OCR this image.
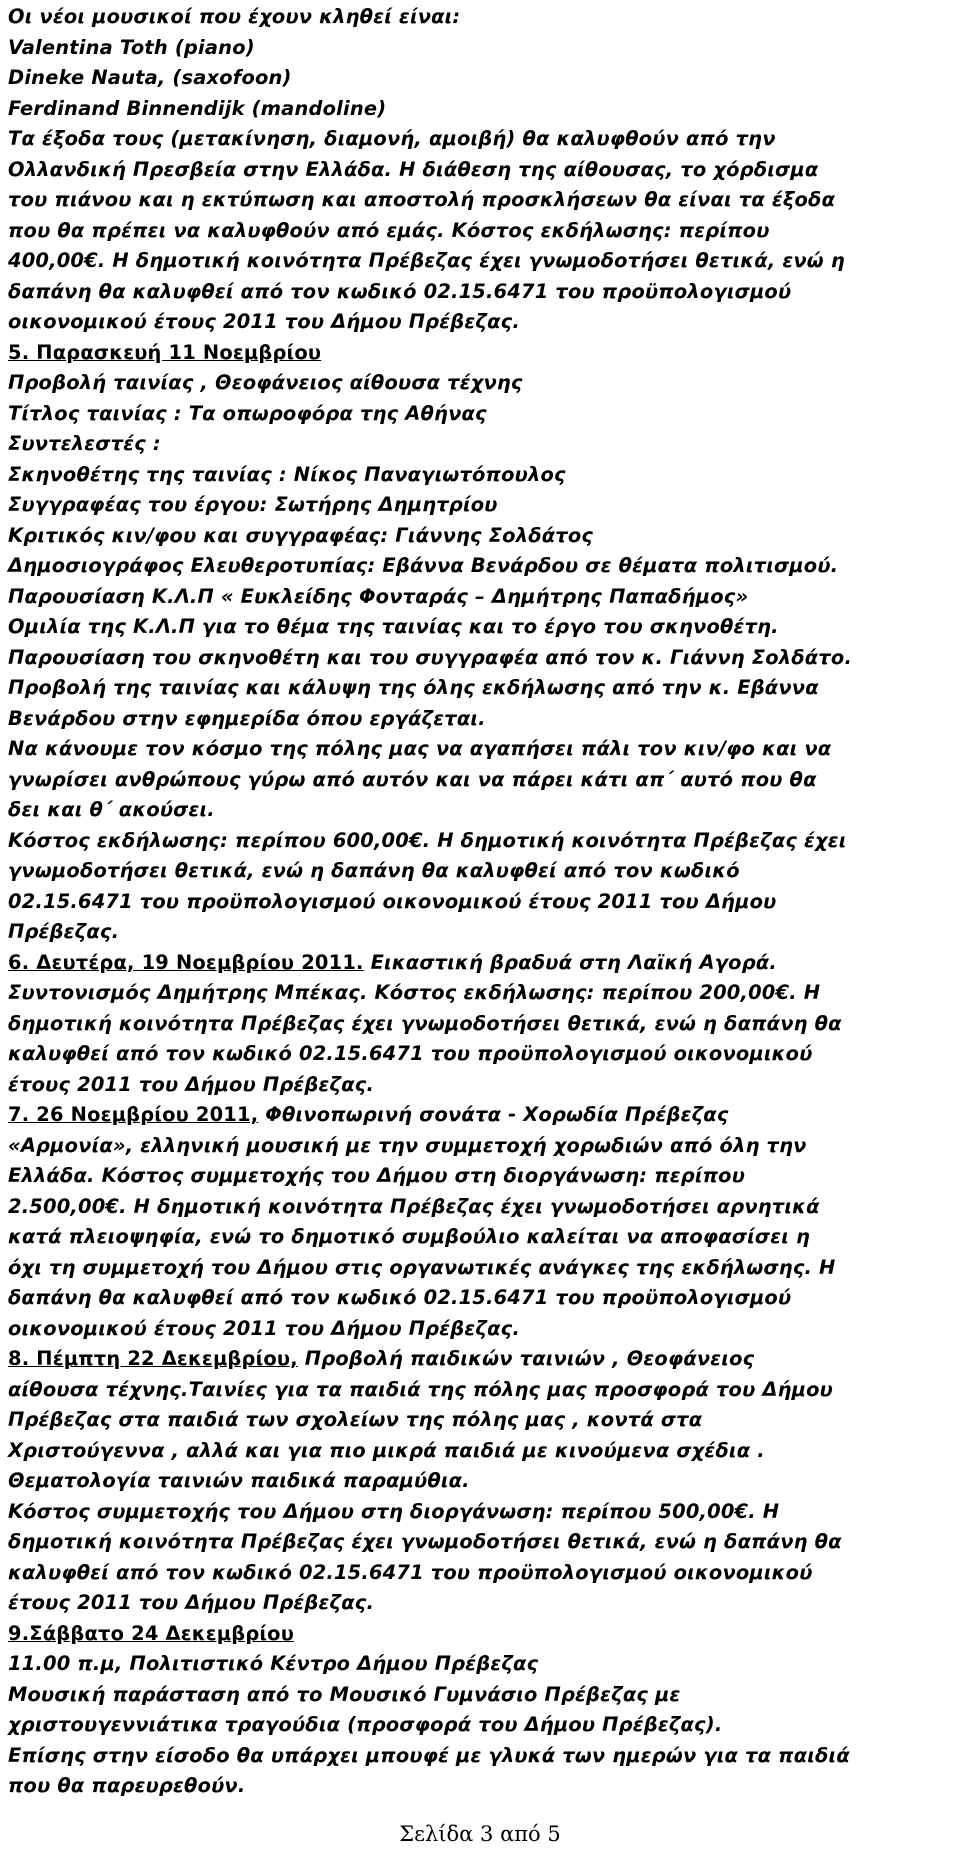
Οι νέοι μουσικοί που έχουν κληθεί είναι:
Valentina Toth (piano)
Dineke Nauta, (saxofoon)
Ferdinand Binnendijk (mandoline)
Τα έξοδα τους (μετακίνηση, διαμονή, αμοιβή) θα καλυφθούν από την
Ολλανδική Πρεσβεία στην Ελλάδα. Η διάθεση της αίθουσας, το χόρδισμα
του πιάνου και η εκτύπωση και αποστολή προσκλήσεων θα είναι τα έξοδα
που θα πρέπει να καλυφθούν από εμάς. Κόστος εκδήλωσης: περίπου
400,00€. Η δημοτική κοινότητα Πρέβεζας έχει γνωμοδοτήσει θετικά, ενώ η
δαπάνη θα καλυφθεί από τον κωδικό 02.15.6471 του προϋπολογισμού
οικονομικού έτους 2011 του Δήμου Πρέβεζας.
5. Παρασκευή 11 Νοεμβρίου
Προβολή ταινίας , Θεοφάνειος αίθουσα τέχνης
Τίτλος ταινίας : Τα οπωροφόρα της Αθήνας
Συντελεστές :
Σκηνοθέτης της ταινίας : Νίκος Παναγιωτόπουλος
Συγγραφέας του έργου: Σωτήρης Δημητρίου
Κριτικός κιν/φου και συγγραφέας: Γιάννης Σολδάτος
Δημοσιογράφος Ελευθεροτυπίας: Εβάννα Βενάρδου σε θέματα πολιτισμού.
Παρουσίαση Κ.Λ.Π « Ευκλείδης Φονταράς – Δημήτρης Παπαδήμος»
Ομιλία της Κ.Λ.Π για το θέμα της ταινίας και το έργο του σκηνοθέτη.
Παρουσίαση του σκηνοθέτη και του συγγραφέα από τον κ. Γιάννη Σολδάτο.
Προβολή της ταινίας και κάλυψη της όλης εκδήλωσης από την κ. Εβάννα
Βενάρδου στην εφημερίδα όπου εργάζεται.
Να κάνουμε τον κόσμο της πόλης μας να αγαπήσει πάλι τον κιν/φο και να
γνωρίσει ανθρώπους γύρω από αυτόν και να πάρει κάτι απ΄ αυτό που θα
δει και θ΄ ακούσει.
Κόστος εκδήλωσης: περίπου 600,00€. Η δημοτική κοινότητα Πρέβεζας έχει
γνωμοδοτήσει θετικά, ενώ η δαπάνη θα καλυφθεί από τον κωδικό
02.15.6471 του προϋπολογισμού οικονομικού έτους 2011 του Δήμου
Πρέβεζας.
6. Δευτέρα, 19 Νοεμβρίου 2011. Εικαστική βραδυά στη Λαϊκή Αγορά.
Συντονισμός Δημήτρης Μπέκας. Κόστος εκδήλωσης: περίπου 200,00€. Η
δημοτική κοινότητα Πρέβεζας έχει γνωμοδοτήσει θετικά, ενώ η δαπάνη θα
καλυφθεί από τον κωδικό 02.15.6471 του προϋπολογισμού οικονομικού
έτους 2011 του Δήμου Πρέβεζας.
7. 26 Νοεμβρίου 2011, Φθινοπωρινή σονάτα - Χορωδία Πρέβεζας
«Αρμονία», ελληνική μουσική με την συμμετοχή χορωδιών από όλη την
Ελλάδα. Κόστος συμμετοχής του Δήμου στη διοργάνωση: περίπου
2.500,00€. Η δημοτική κοινότητα Πρέβεζας έχει γνωμοδοτήσει αρνητικά
κατά πλειοψηφία, ενώ το δημοτικό συμβούλιο καλείται να αποφασίσει η
όχι τη συμμετοχή του Δήμου στις οργανωτικές ανάγκες της εκδήλωσης. Η
δαπάνη θα καλυφθεί από τον κωδικό 02.15.6471 του προϋπολογισμού
οικονομικού έτους 2011 του Δήμου Πρέβεζας.
8. Πέμπτη 22 Δεκεμβρίου, Προβολή παιδικών ταινιών , Θεοφάνειος
αίθουσα τέχνης.Ταινίες για τα παιδιά της πόλης μας προσφορά του Δήμου
Πρέβεζας στα παιδιά των σχολείων της πόλης μας , κοντά στα
Χριστούγεννα , αλλά και για πιο μικρά παιδιά με κινούμενα σχέδια .
Θεματολογία ταινιών παιδικά παραμύθια.
Κόστος συμμετοχής του Δήμου στη διοργάνωση: περίπου 500,00€. Η
δημοτική κοινότητα Πρέβεζας έχει γνωμοδοτήσει θετικά, ενώ η δαπάνη θα
καλυφθεί από τον κωδικό 02.15.6471 του προϋπολογισμού οικονομικού
έτους 2011 του Δήμου Πρέβεζας.
9.Σάββατο 24 Δεκεμβρίου
11.00 π.μ, Πολιτιστικό Κέντρο Δήμου Πρέβεζας
Μουσική παράσταση από το Μουσικό Γυμνάσιο Πρέβεζας με
χριστουγεννιάτικα τραγούδια (προσφορά του Δήμου Πρέβεζας).
Επίσης στην είσοδο θα υπάρχει μπουφέ με γλυκά των ημερών για τα παιδιά
που θα παρευρεθούν.
Σελίδα 3 από 5
